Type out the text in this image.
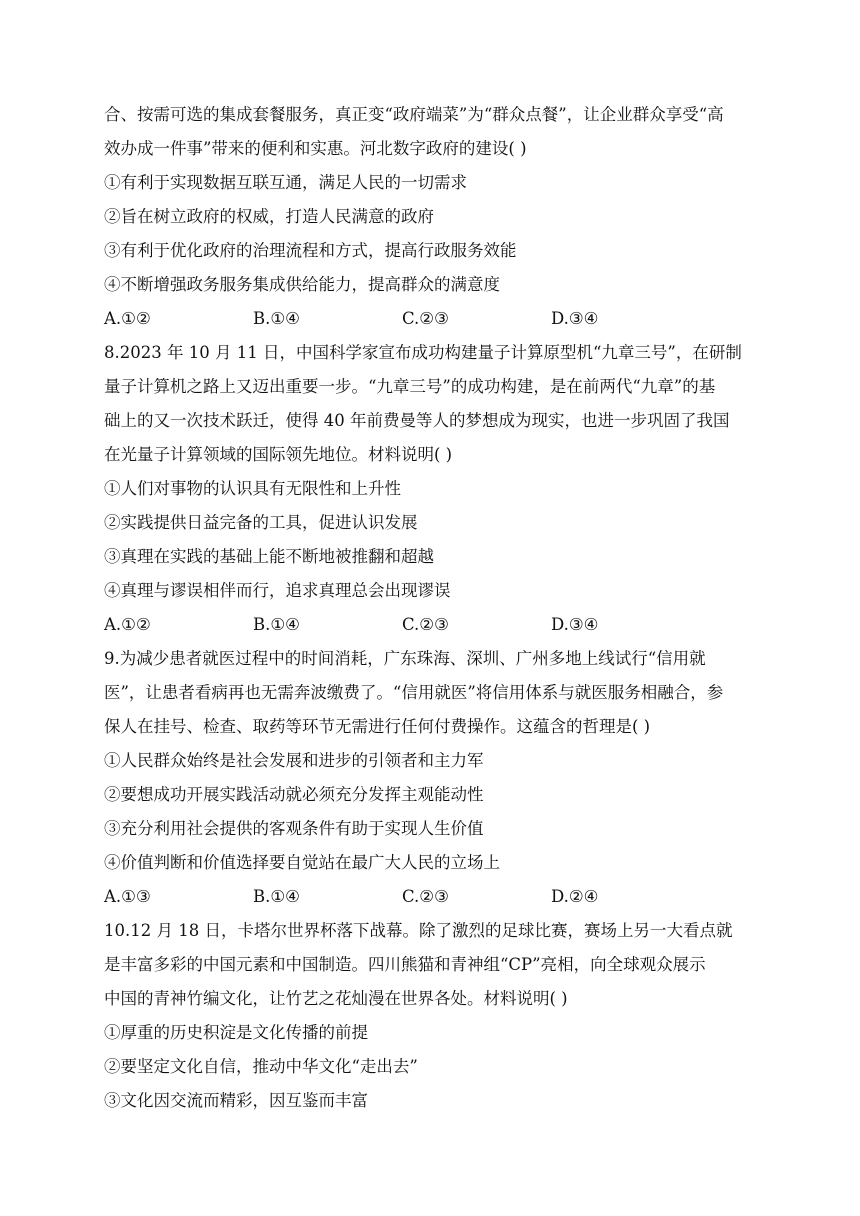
合、按需可选的集成套餐服务，真正变“政府端菜”为“群众点餐”，让企业群众享受“高
效办成一件事”带来的便利和实惠。河北数字政府的建设( )
①有利于实现数据互联互通，满足人民的一切需求
②旨在树立政府的权威，打造人民满意的政府
③有利于优化政府的治理流程和方式，提高行政服务效能
④不断增强政务服务集成供给能力，提高群众的满意度
A.①②	B.①④	C.②③	D.③④
8.2023 年 10 月 11 日，中国科学家宣布成功构建量子计算原型机“九章三号”，在研制
量子计算机之路上又迈出重要一步。“九章三号”的成功构建，是在前两代“九章”的基
础上的又一次技术跃迁，使得 40 年前费曼等人的梦想成为现实，也进一步巩固了我国
在光量子计算领域的国际领先地位。材料说明( )
①人们对事物的认识具有无限性和上升性
②实践提供日益完备的工具，促进认识发展
③真理在实践的基础上能不断地被推翻和超越
④真理与谬误相伴而行，追求真理总会出现谬误
A.①②	B.①④	C.②③	D.③④
9.为减少患者就医过程中的时间消耗，广东珠海、深圳、广州多地上线试行“信用就
医”，让患者看病再也无需奔波缴费了。“信用就医”将信用体系与就医服务相融合，参
保人在挂号、检查、取药等环节无需进行任何付费操作。这蕴含的哲理是( )
①人民群众始终是社会发展和进步的引领者和主力军
②要想成功开展实践活动就必须充分发挥主观能动性
③充分利用社会提供的客观条件有助于实现人生价值
④价值判断和价值选择要自觉站在最广大人民的立场上
A.①③	B.①④	C.②③	D.②④
10.12 月 18 日，卡塔尔世界杯落下战幕。除了激烈的足球比赛，赛场上另一大看点就
是丰富多彩的中国元素和中国制造。四川熊猫和青神组“CP”亮相，向全球观众展示
中国的青神竹编文化，让竹艺之花灿漫在世界各处。材料说明( )
①厚重的历史积淀是文化传播的前提
②要坚定文化自信，推动中华文化“走出去”
③文化因交流而精彩，因互鉴而丰富
